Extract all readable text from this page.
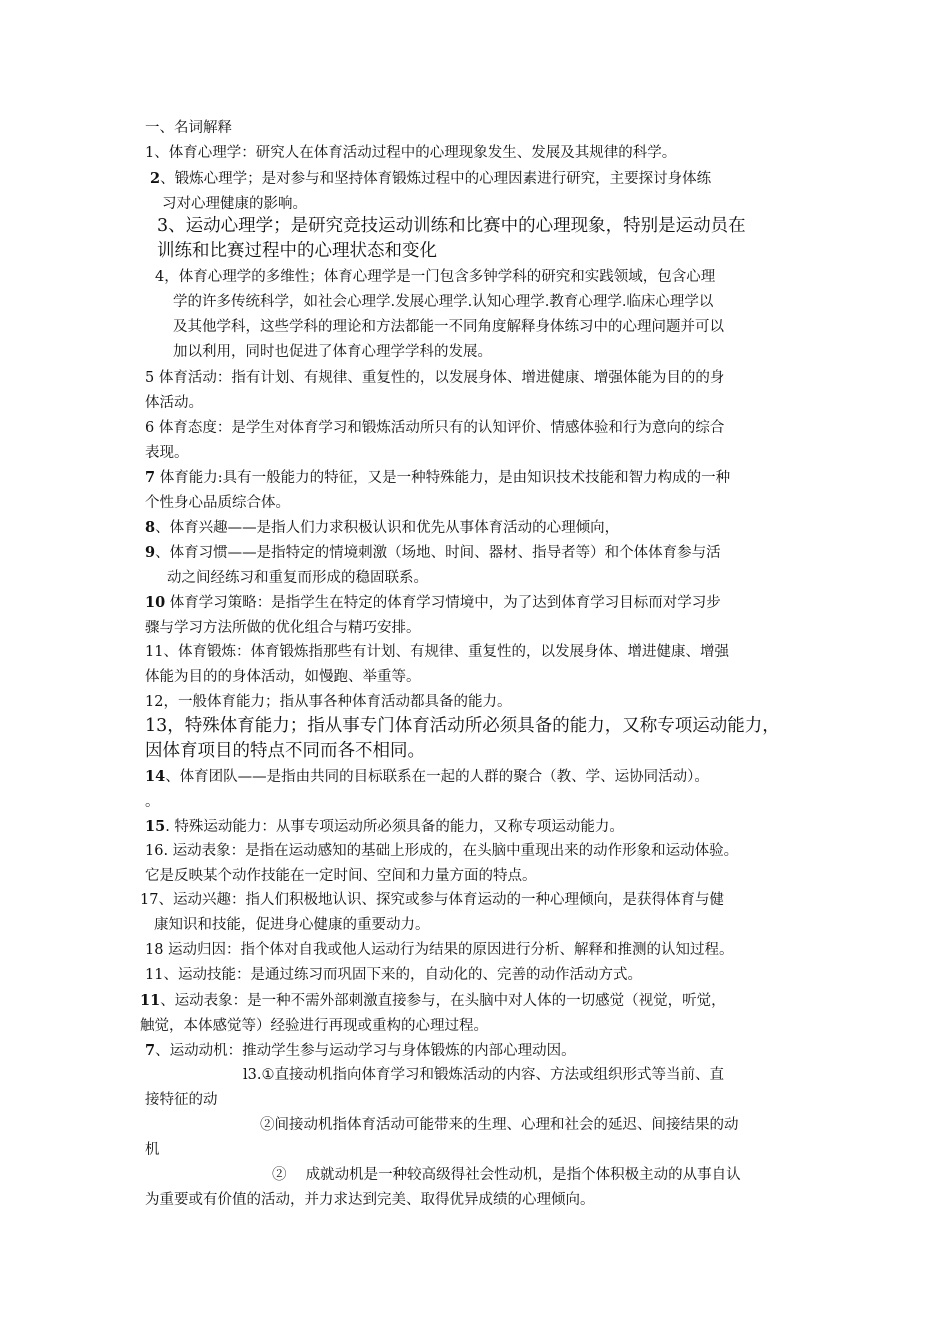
一、名词解释

1、体育心理学：研究人在体育活动过程中的心理现象发生、发展及其规律的科学。

2、锻炼心理学；是对参与和坚持体育锻炼过程中的心理因素进行研究，主要探讨身体练
习对心理健康的影响。
3、运动心理学；是研究竞技运动训练和比赛中的心理现象，特别是运动员在
训练和比赛过程中的心理状态和变化
4，体育心理学的多维性；体育心理学是一门包含多钟学科的研究和实践领域，包含心理
学的许多传统科学，如社会心理学.发展心理学.认知心理学.教育心理学.临床心理学以
及其他学科，这些学科的理论和方法都能一不同角度解释身体练习中的心理问题并可以
加以利用，同时也促进了体育心理学学科的发展。
5 体育活动：指有计划、有规律、重复性的，以发展身体、增进健康、增强体能为目的的身
体活动。
6 体育态度：是学生对体育学习和锻炼活动所只有的认知评价、情感体验和行为意向的综合
表现。
7 体育能力:具有一般能力的特征，又是一种特殊能力，是由知识技术技能和智力构成的一种
个性身心品质综合体。
8、体育兴趣——是指人们力求积极认识和优先从事体育活动的心理倾向，
9、体育习惯——是指特定的情境刺激（场地、时间、器材、指导者等）和个体体育参与活
动之间经练习和重复而形成的稳固联系。
10 体育学习策略：是指学生在特定的体育学习情境中，为了达到体育学习目标而对学习步
骤与学习方法所做的优化组合与精巧安排。
11、体育锻炼：体育锻炼指那些有计划、有规律、重复性的，以发展身体、增进健康、增强
体能为目的的身体活动，如慢跑、举重等。

12，一般体育能力；指从事各种体育活动都具备的能力。

13，特殊体育能力；指从事专门体育活动所必须具备的能力，又称专项运动能力，
因体育项目的特点不同而各不相同。
14、体育团队——是指由共同的目标联系在一起的人群的聚合（教、学、运协同活动）。
。
15. 特殊运动能力：从事专项运动所必须具备的能力，又称专项运动能力。
16. 运动表象：是指在运动感知的基础上形成的，在头脑中重现出来的动作形象和运动体验。
它是反映某个动作技能在一定时间、空间和力量方面的特点。
17、运动兴趣：指人们积极地认识、探究或参与体育运动的一种心理倾向，是获得体育与健
康知识和技能，促进身心健康的重要动力。

18 运动归因：指个体对自我或他人运动行为结果的原因进行分析、解释和推测的认知过程。

11、运动技能：是通过练习而巩固下来的，自动化的、完善的动作活动方式。

11、运动表象：是一种不需外部刺激直接参与，在头脑中对人体的一切感觉（视觉，听觉，
触觉，本体感觉等）经验进行再现或重构的心理过程。
7、运动动机：推动学生参与运动学习与身体锻炼的内部心理动因。
l3.①直接动机指向体育学习和锻炼活动的内容、方法或组织形式等当前、直
接特征的动
②间接动机指体育活动可能带来的生理、心理和社会的延迟、间接结果的动
机
②　 成就动机是一种较高级得社会性动机，是指个体积极主动的从事自认
为重要或有价值的活动，并力求达到完美、取得优异成绩的心理倾向。
